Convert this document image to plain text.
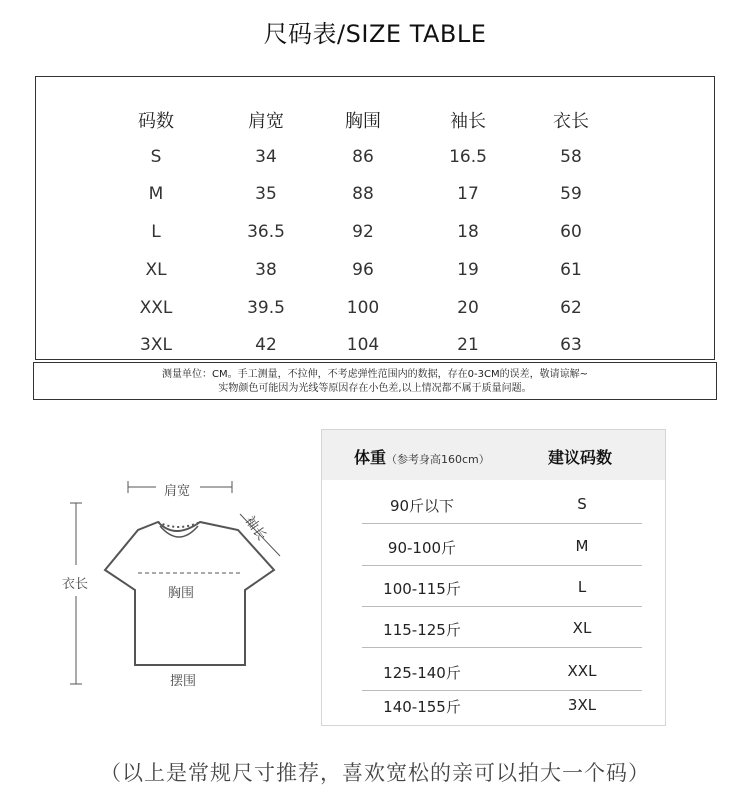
尺码表/SIZE TABLE
码数	肩宽	胸围	袖长	衣长
S	34	86	16.5	58
M	35	88	17	59
L	36.5	92	18	60
XL	38	96	19	61
XXL	39.5	100	20	62
3XL	42	104	21	63
测量单位：CM。手工测量，不拉伸，不考虑弹性范围内的数据，存在0-3CM的误差，敬请谅解~
实物颜色可能因为光线等原因存在小色差,以上情况都不属于质量问题。
肩宽
袖长
衣长
胸围
摆围
体重（参考身高160cm）	建议码数
90斤以下	S
90-100斤	M
100-115斤	L
115-125斤	XL
125-140斤	XXL
140-155斤	3XL
（以上是常规尺寸推荐，喜欢宽松的亲可以拍大一个码）
